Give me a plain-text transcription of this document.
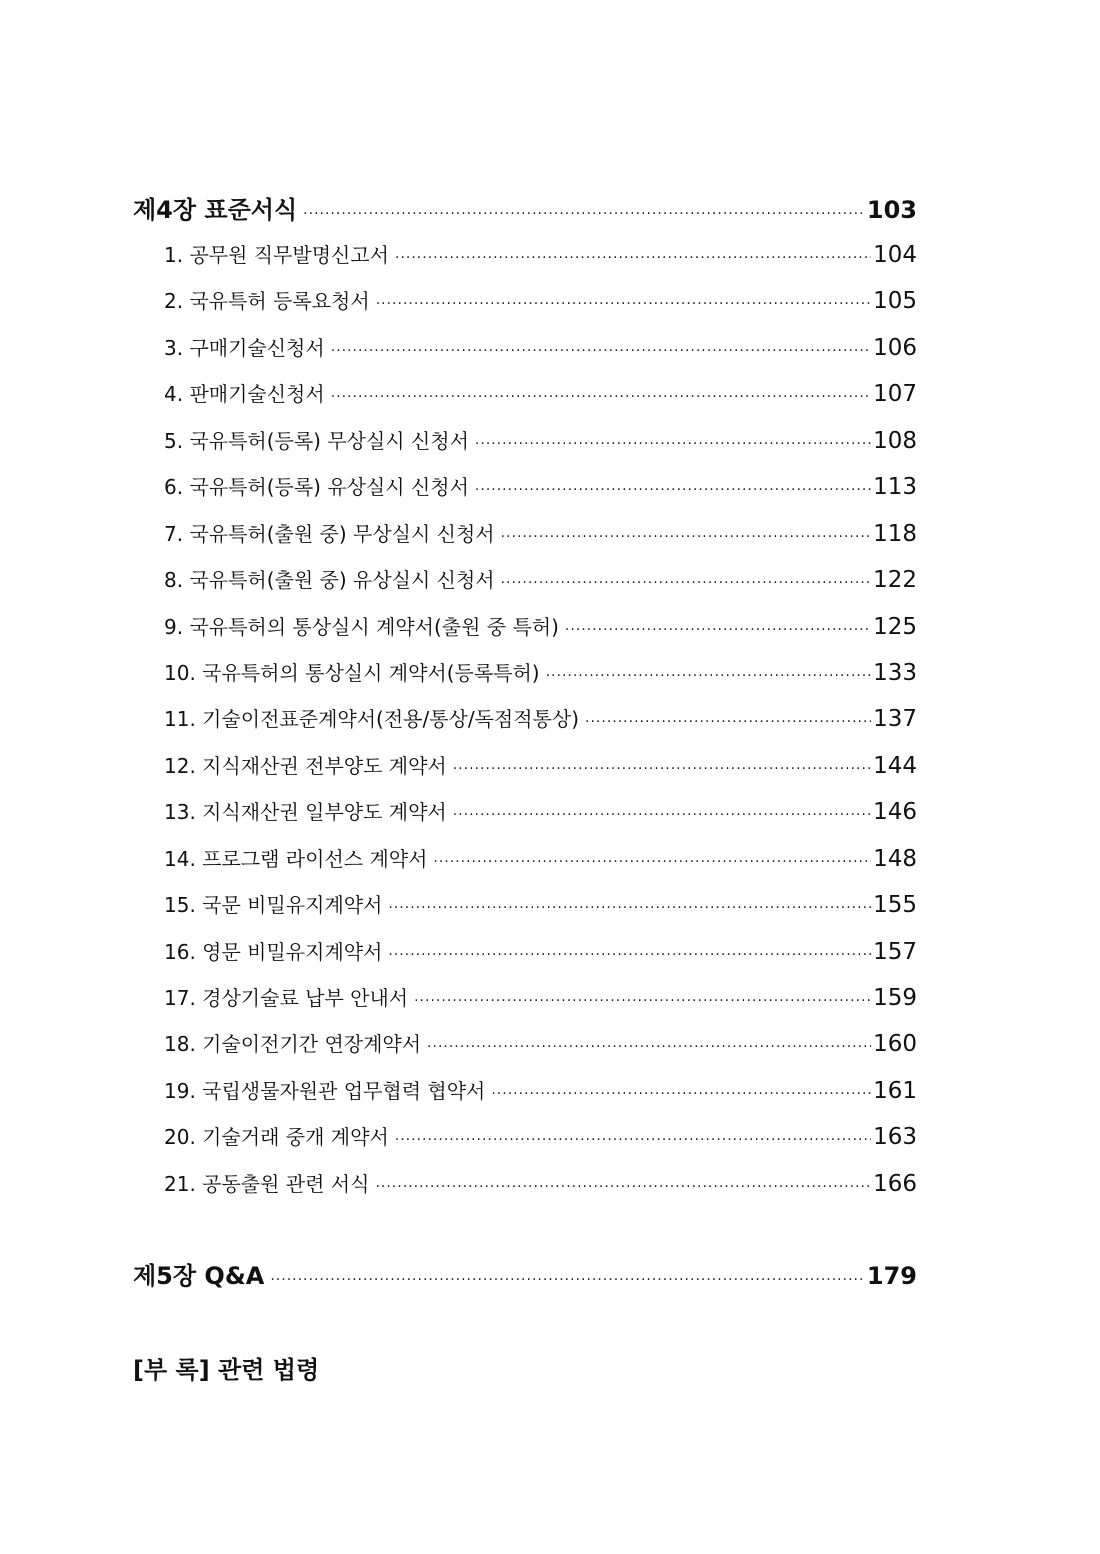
제4장 표준서식 ·····	103
1. 공무원 직무발명신고서 ·····	104
2. 국유특허 등록요청서 ·····	105
3. 구매기술신청서 ·····	106
4. 판매기술신청서 ·····	107
5. 국유특허(등록) 무상실시 신청서 ·····	108
6. 국유특허(등록) 유상실시 신청서 ·····	113
7. 국유특허(출원 중) 무상실시 신청서 ·····	118
8. 국유특허(출원 중) 유상실시 신청서 ·····	122
9. 국유특허의 통상실시 계약서(출원 중 특허) ·····	125
10. 국유특허의 통상실시 계약서(등록특허) ·····	133
11. 기술이전표준계약서(전용/통상/독점적통상) ·····	137
12. 지식재산권 전부양도 계약서 ·····	144
13. 지식재산권 일부양도 계약서 ·····	146
14. 프로그램 라이선스 계약서 ·····	148
15. 국문 비밀유지계약서 ·····	155
16. 영문 비밀유지계약서 ·····	157
17. 경상기술료 납부 안내서 ·····	159
18. 기술이전기간 연장계약서 ·····	160
19. 국립생물자원관 업무협력 협약서 ·····	161
20. 기술거래 중개 계약서 ·····	163
21. 공동출원 관련 서식 ·····	166
제5장 Q&A ·····	179
[부 록] 관련 법령
